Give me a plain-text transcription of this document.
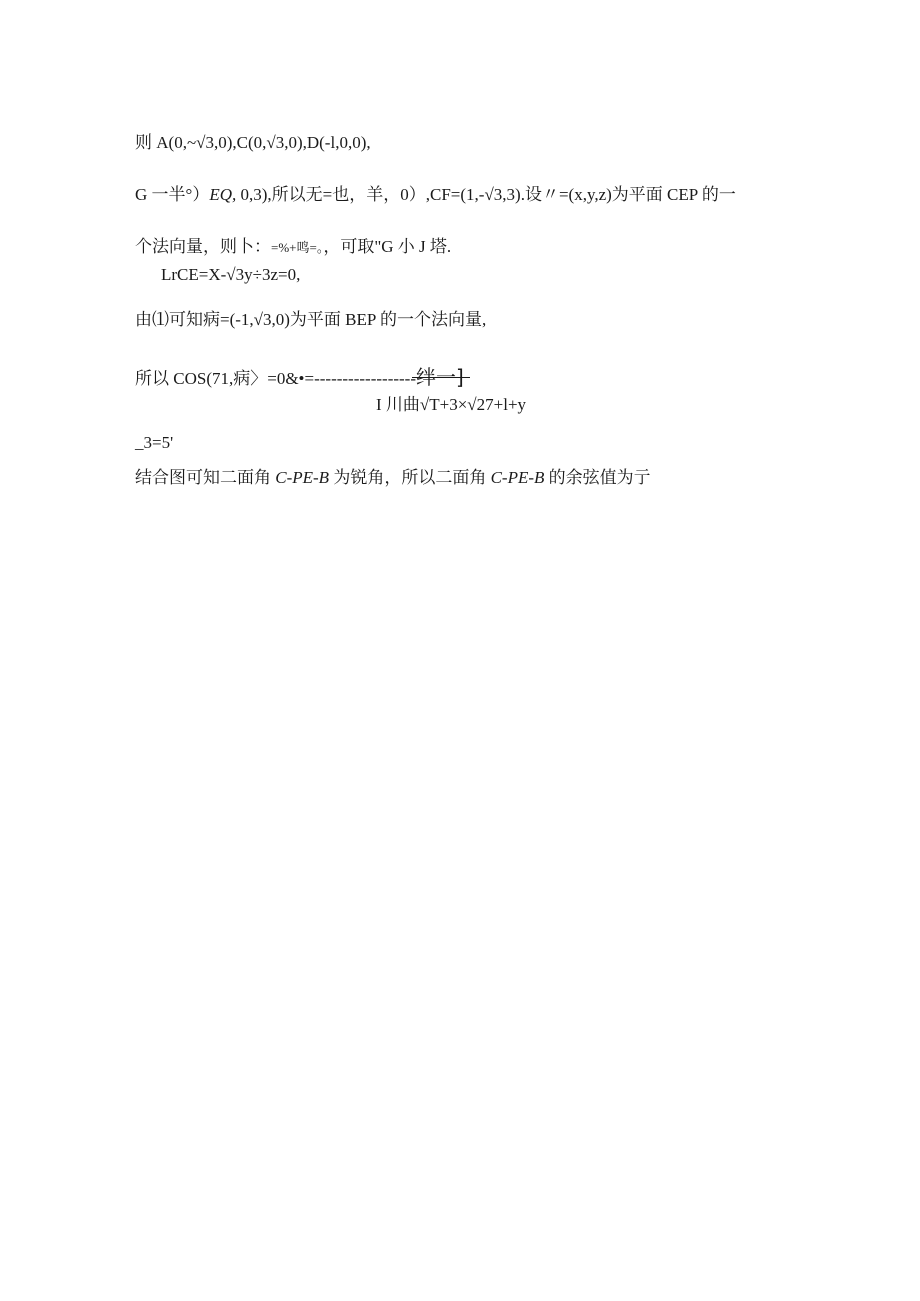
则 A(0,~√3,0),C(0,√3,0),D(-l,0,0),
G 一半°）EQ, 0,3),所以无=也，羊，0）,CF=(1,-√3,3).设〃=(x,y,z)为平面 CEP 的一
个法向量，则卜：=%+鸣=。，可取"G 小 J 塔.
LrCE=X-√3y÷3z=0,
由⑴可知病=(-1,√3,0)为平面 BEP 的一个法向量,
所以 COS(71,病〉=0&•=------------------绊一]
I 川曲√T+3×√27+l+y
_3=5'
结合图可知二面角 C-PE-B 为锐角，所以二面角 C-PE-B 的余弦值为亍
